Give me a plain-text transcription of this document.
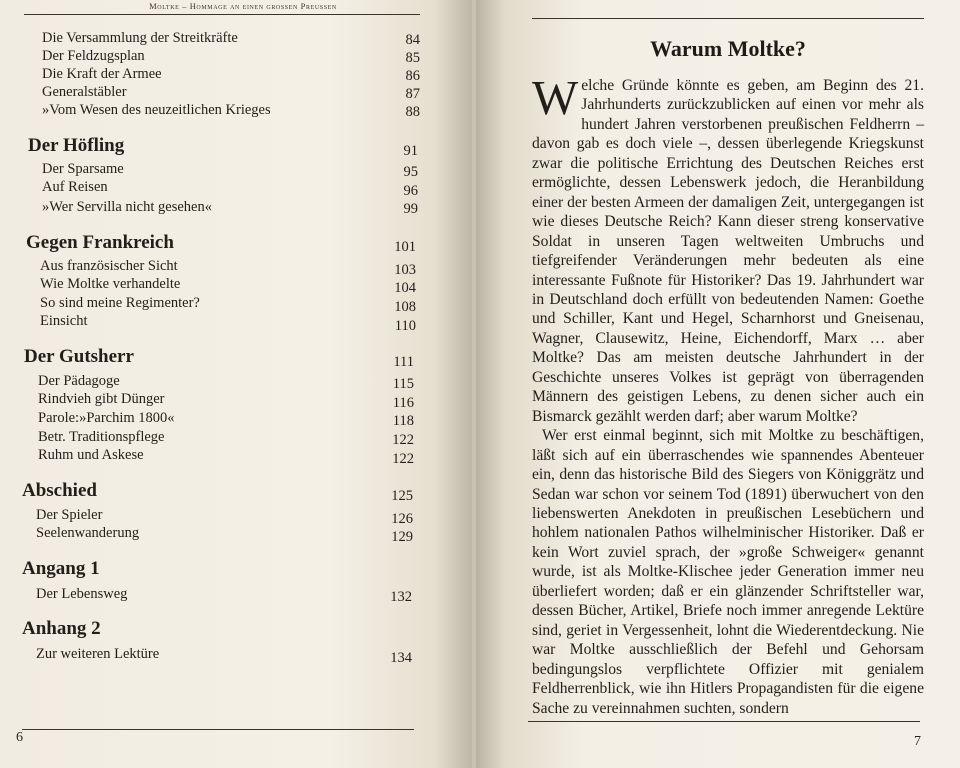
Moltke – Hommage an einen grossen Preussen
Die Versammlung der Streitkräfte	84
Der Feldzugsplan	85
Die Kraft der Armee	86
Generalstäbler	87
»Vom Wesen des neuzeitlichen Krieges	88
Der Höfling	91
Der Sparsame	95
Auf Reisen	96
»Wer Servilla nicht gesehen«	99
Gegen Frankreich	101
Aus französischer Sicht	103
Wie Moltke verhandelte	104
So sind meine Regimenter?	108
Einsicht	110
Der Gutsherr	111
Der Pädagoge	115
Rindvieh gibt Dünger	116
Parole:»Parchim 1800«	118
Betr. Traditionspflege	122
Ruhm und Askese	122
Abschied	125
Der Spieler	126
Seelenwanderung	129
Angang 1
Der Lebensweg	132
Anhang 2
Zur weiteren Lektüre	134
6
Warum Moltke?

Welche Gründe könnte es geben, am Beginn des 21. Jahrhunderts zurückzublicken auf einen vor mehr als hundert Jahren verstorbenen preußischen Feldherrn – davon gab es doch viele –, dessen überlegende Kriegskunst zwar die politische Errichtung des Deutschen Reiches erst ermöglichte, dessen Lebenswerk jedoch, die Heranbildung einer der besten Armeen der damaligen Zeit, untergegangen ist wie dieses Deutsche Reich? Kann dieser streng konservative Soldat in unseren Tagen weltweiten Umbruchs und tiefgreifender Veränderungen mehr bedeuten als eine interessante Fußnote für Historiker? Das 19. Jahrhundert war in Deutschland doch erfüllt von bedeutenden Namen: Goethe und Schiller, Kant und Hegel, Scharnhorst und Gneisenau, Wagner, Clausewitz, Heine, Eichendorff, Marx … aber Moltke? Das am meisten deutsche Jahrhundert in der Geschichte unseres Volkes ist geprägt von überragenden Männern des geistigen Lebens, zu denen sicher auch ein Bismarck gezählt werden darf; aber warum Moltke?

Wer erst einmal beginnt, sich mit Moltke zu beschäftigen, läßt sich auf ein überraschendes wie spannendes Abenteuer ein, denn das historische Bild des Siegers von Königgrätz und Sedan war schon vor seinem Tod (1891) überwuchert von den liebenswerten Anekdoten in preußischen Lesebüchern und hohlem nationalen Pathos wilhelminischer Historiker. Daß er kein Wort zuviel sprach, der »große Schweiger« genannt wurde, ist als Moltke-Klischee jeder Generation immer neu überliefert worden; daß er ein glänzender Schriftsteller war, dessen Bücher, Artikel, Briefe noch immer anregende Lektüre sind, geriet in Vergessenheit, lohnt die Wiederentdeckung. Nie war Moltke ausschließlich der Befehl und Gehorsam bedingungslos verpflichtete Offizier mit genialem Feldherrenblick, wie ihn Hitlers Propagandisten für die eigene Sache zu vereinnahmen suchten, sondern

7
